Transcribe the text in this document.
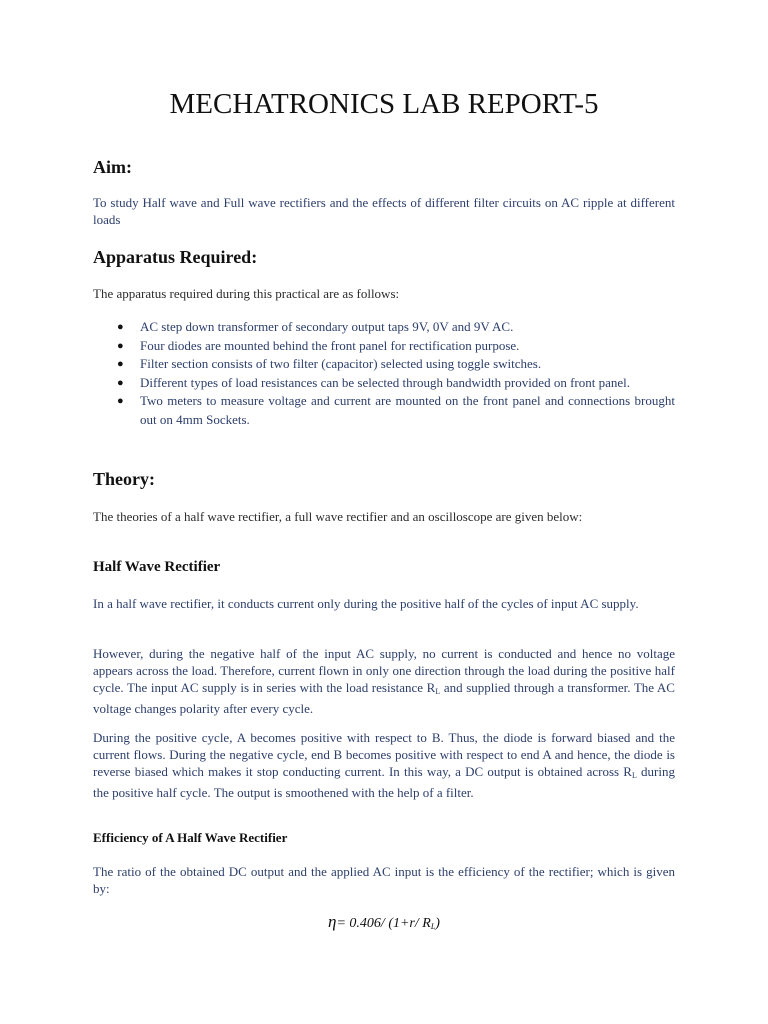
MECHATRONICS LAB REPORT-5
Aim:
To study Half wave and Full wave rectifiers and the effects of different filter circuits on AC ripple at different loads
Apparatus Required:
The apparatus required during this practical are as follows:
● AC step down transformer of secondary output taps 9V, 0V and 9V AC.
● Four diodes are mounted behind the front panel for rectification purpose.
● Filter section consists of two filter (capacitor) selected using toggle switches.
● Different types of load resistances can be selected through bandwidth provided on front panel.
● Two meters to measure voltage and current are mounted on the front panel and connections brought out on 4mm Sockets.
Theory:
The theories of a half wave rectifier, a full wave rectifier and an oscilloscope are given below:
Half Wave Rectifier
In a half wave rectifier, it conducts current only during the positive half of the cycles of input AC supply.
However, during the negative half of the input AC supply, no current is conducted and hence no voltage appears across the load. Therefore, current flown in only one direction through the load during the positive half cycle. The input AC supply is in series with the load resistance $R_L$ and supplied through a transformer. The AC voltage changes polarity after every cycle.
During the positive cycle, A becomes positive with respect to B. Thus, the diode is forward biased and the current flows. During the negative cycle, end B becomes positive with respect to end A and hence, the diode is reverse biased which makes it stop conducting current. In this way, a DC output is obtained across $R_L$ during the positive half cycle. The output is smoothened with the help of a filter.
Efficiency of A Half Wave Rectifier
The ratio of the obtained DC output and the applied AC input is the efficiency of the rectifier; which is given by:
η= 0.406/ (1+r/ $R_L$)
